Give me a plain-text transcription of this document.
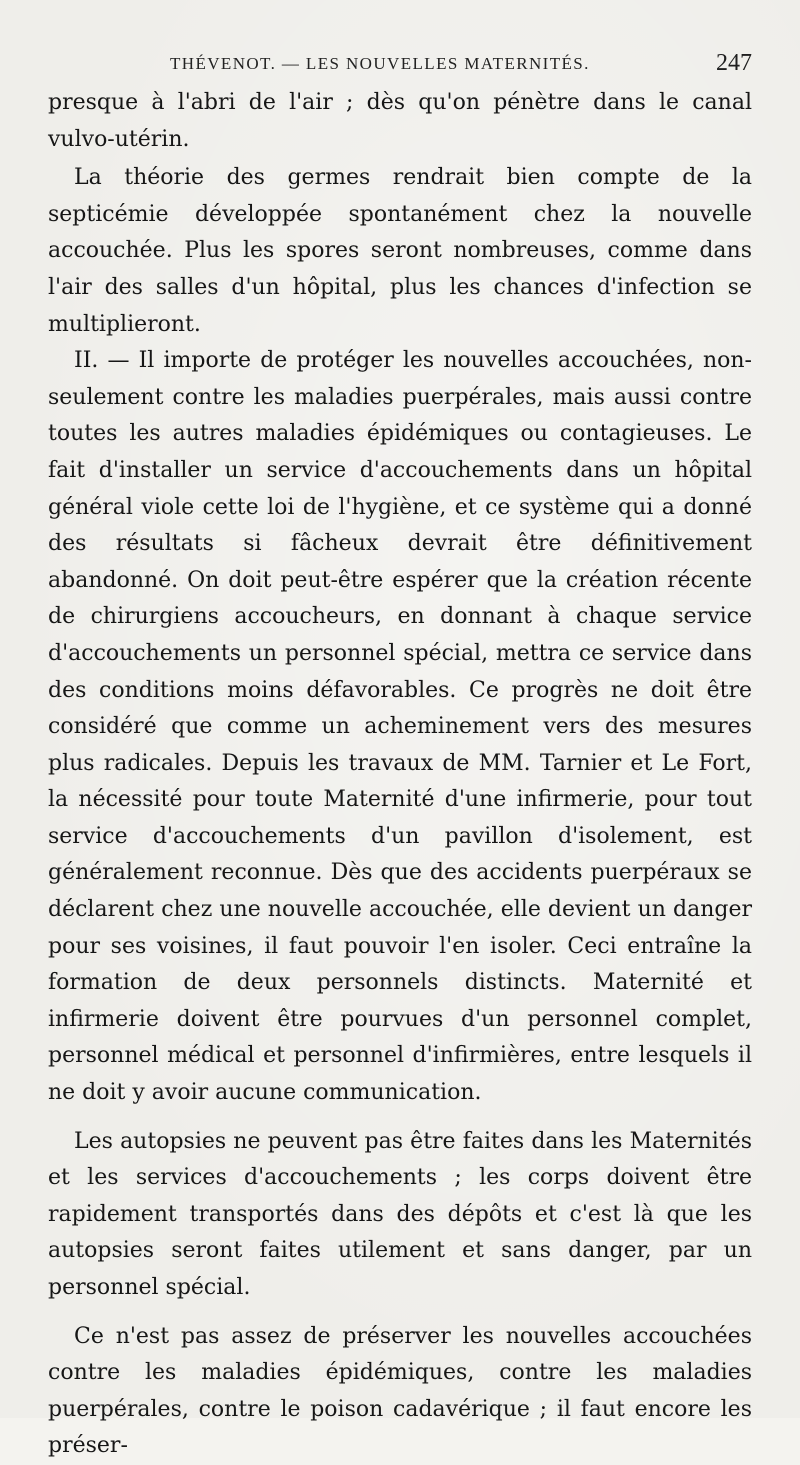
THÉVENOT. — LES NOUVELLES MATERNITÉS.	247

presque à l'abri de l'air ; dès qu'on pénètre dans le canal vulvo-utérin.

La théorie des germes rendrait bien compte de la septicémie développée spontanément chez la nouvelle accouchée. Plus les spores seront nombreuses, comme dans l'air des salles d'un hôpital, plus les chances d'infection se multiplieront.

II. — Il importe de protéger les nouvelles accouchées, non-seulement contre les maladies puerpérales, mais aussi contre toutes les autres maladies épidémiques ou contagieuses. Le fait d'installer un service d'accouchements dans un hôpital général viole cette loi de l'hygiène, et ce système qui a donné des résultats si fâcheux devrait être définitivement abandonné. On doit peut-être espérer que la création récente de chirurgiens accoucheurs, en donnant à chaque service d'accouchements un personnel spécial, mettra ce service dans des conditions moins défavorables. Ce progrès ne doit être considéré que comme un acheminement vers des mesures plus radicales. Depuis les travaux de MM. Tarnier et Le Fort, la nécessité pour toute Maternité d'une infirmerie, pour tout service d'accouchements d'un pavillon d'isolement, est généralement reconnue. Dès que des accidents puerpéraux se déclarent chez une nouvelle accouchée, elle devient un danger pour ses voisines, il faut pouvoir l'en isoler. Ceci entraîne la formation de deux personnels distincts. Maternité et infirmerie doivent être pourvues d'un personnel complet, personnel médical et personnel d'infirmières, entre lesquels il ne doit y avoir aucune communication.

Les autopsies ne peuvent pas être faites dans les Maternités et les services d'accouchements ; les corps doivent être rapidement transportés dans des dépôts et c'est là que les autopsies seront faites utilement et sans danger, par un personnel spécial.

Ce n'est pas assez de préserver les nouvelles accouchées contre les maladies épidémiques, contre les maladies puerpérales, contre le poison cadavérique ; il faut encore les préser-
